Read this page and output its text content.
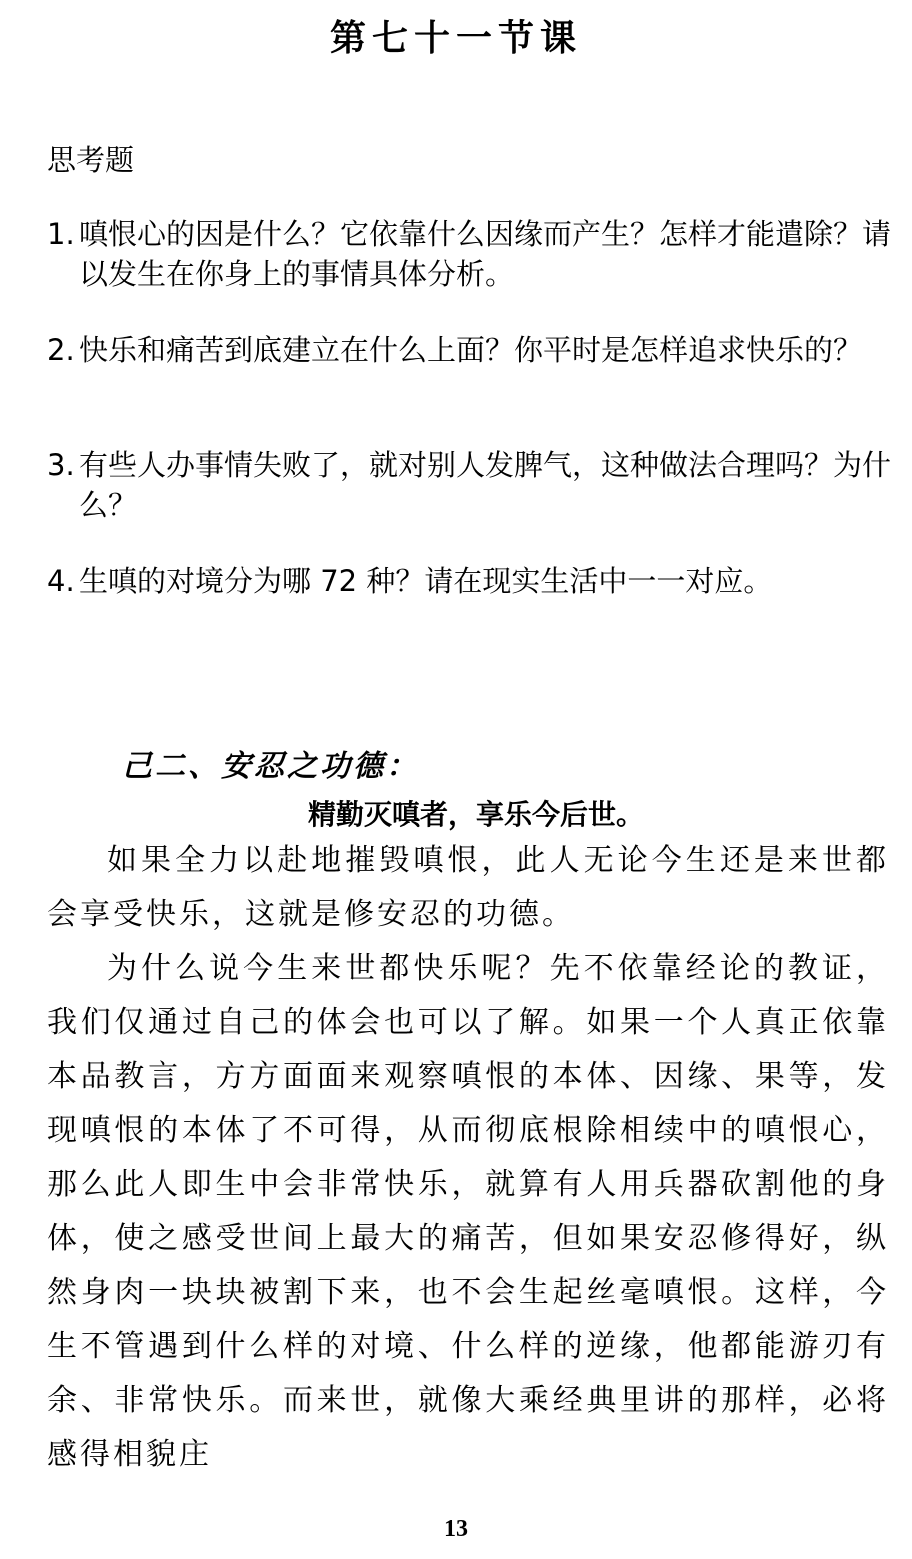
第七十一节课
思考题
1. 嗔恨心的因是什么？它依靠什么因缘而产生？怎样才能遣除？请以发生在你身上的事情具体分析。
2. 快乐和痛苦到底建立在什么上面？你平时是怎样追求快乐的？
3. 有些人办事情失败了，就对别人发脾气，这种做法合理吗？为什么？
4. 生嗔的对境分为哪 72 种？请在现实生活中一一对应。
己二、安忍之功德：
精勤灭嗔者，享乐今后世。
如果全力以赴地摧毁嗔恨，此人无论今生还是来世都会享受快乐，这就是修安忍的功德。
为什么说今生来世都快乐呢？先不依靠经论的教证，我们仅通过自己的体会也可以了解。如果一个人真正依靠本品教言，方方面面来观察嗔恨的本体、因缘、果等，发现嗔恨的本体了不可得，从而彻底根除相续中的嗔恨心，那么此人即生中会非常快乐，就算有人用兵器砍割他的身体，使之感受世间上最大的痛苦，但如果安忍修得好，纵然身肉一块块被割下来，也不会生起丝毫嗔恨。这样，今生不管遇到什么样的对境、什么样的逆缘，他都能游刃有余、非常快乐。而来世，就像大乘经典里讲的那样，必将感得相貌庄
13
